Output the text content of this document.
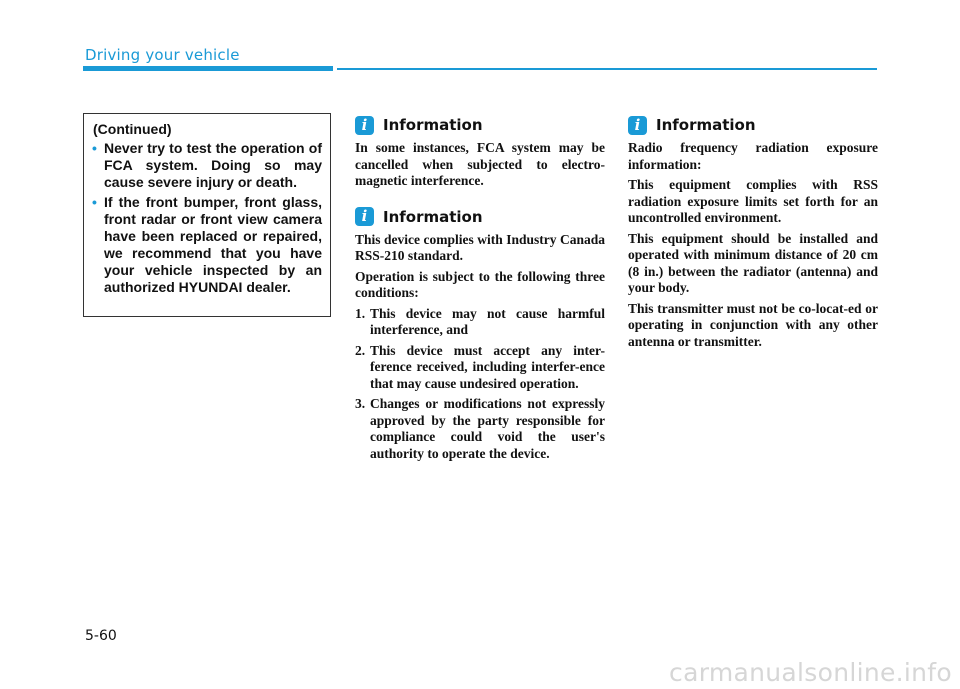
Driving your vehicle
(Continued)
• Never try to test the operation of FCA system. Doing so may cause severe injury or death.
• If the front bumper, front glass, front radar or front view camera have been replaced or repaired, we recommend that you have your vehicle inspected by an authorized HYUNDAI dealer.
i	Information

In some instances, FCA system may be cancelled when subjected to electro-magnetic interference.

i	Information

This device complies with Industry Canada RSS-210 standard.

Operation is subject to the following three conditions:

1. This device may not cause harmful interference, and
2. This device must accept any inter-ference received, including interfer-ence that may cause undesired operation.
3. Changes or modifications not expressly approved by the party responsible for compliance could void the user's authority to operate the device.
i	Information

Radio frequency radiation exposure information:

This equipment complies with RSS radiation exposure limits set forth for an uncontrolled environment.

This equipment should be installed and operated with minimum distance of 20 cm (8 in.) between the radiator (antenna) and your body.

This transmitter must not be co-locat-ed or operating in conjunction with any other antenna or transmitter.

5-60
carmanualsonline.info
